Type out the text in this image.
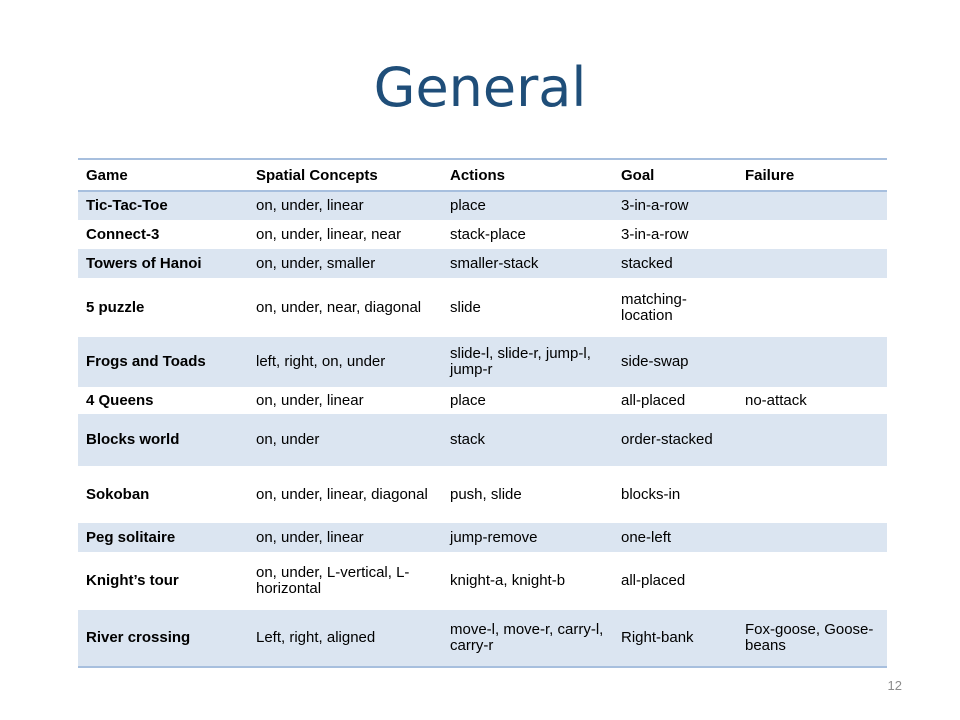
General
Game	Spatial Concepts	Actions	Goal	Failure
Tic-Tac-Toe	on, under, linear	place	3-in-a-row	
Connect-3	on, under, linear, near	stack-place	3-in-a-row	
Towers of Hanoi	on, under, smaller	smaller-stack	stacked	
5 puzzle	on, under, near, diagonal	slide	matching-location	
Frogs and Toads	left, right, on, under	slide-l, slide-r, jump-l, jump-r	side-swap	
4 Queens	on, under, linear	place	all-placed	no-attack
Blocks world	on, under	stack	order-stacked	
Sokoban	on, under, linear, diagonal	push, slide	blocks-in	
Peg solitaire	on, under, linear	jump-remove	one-left	
Knight’s tour	on, under, L-vertical, L-horizontal	knight-a, knight-b	all-placed	
River crossing	Left, right, aligned	move-l, move-r, carry-l, carry-r	Right-bank	Fox-goose, Goose-beans
12
